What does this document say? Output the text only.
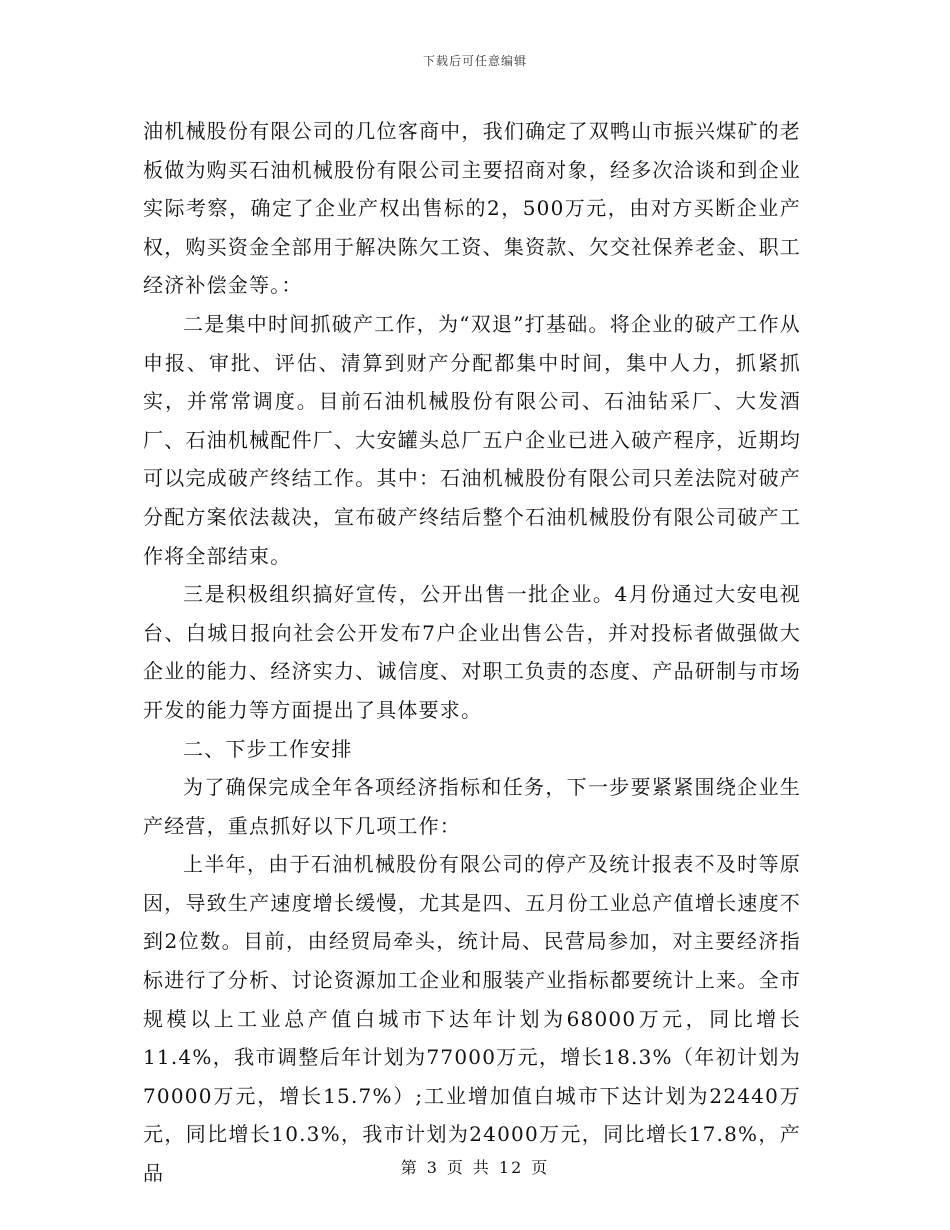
下载后可任意编辑

油机械股份有限公司的几位客商中，我们确定了双鸭山市振兴煤矿的老板做为购买石油机械股份有限公司主要招商对象，经多次洽谈和到企业实际考察，确定了企业产权出售标的2，500万元，由对方买断企业产权，购买资金全部用于解决陈欠工资、集资款、欠交社保养老金、职工经济补偿金等。：

二是集中时间抓破产工作，为“双退”打基础。将企业的破产工作从申报、审批、评估、清算到财产分配都集中时间，集中人力，抓紧抓实，并常常调度。目前石油机械股份有限公司、石油钻采厂、大发酒厂、石油机械配件厂、大安罐头总厂五户企业已进入破产程序，近期均可以完成破产终结工作。其中：石油机械股份有限公司只差法院对破产分配方案依法裁决，宣布破产终结后整个石油机械股份有限公司破产工作将全部结束。

三是积极组织搞好宣传，公开出售一批企业。4月份通过大安电视台、白城日报向社会公开发布7户企业出售公告，并对投标者做强做大企业的能力、经济实力、诚信度、对职工负责的态度、产品研制与市场开发的能力等方面提出了具体要求。

二、下步工作安排

为了确保完成全年各项经济指标和任务，下一步要紧紧围绕企业生产经营，重点抓好以下几项工作：

上半年，由于石油机械股份有限公司的停产及统计报表不及时等原因，导致生产速度增长缓慢，尤其是四、五月份工业总产值增长速度不到2位数。目前，由经贸局牵头，统计局、民营局参加，对主要经济指标进行了分析、讨论资源加工企业和服装产业指标都要统计上来。全市规模以上工业总产值白城市下达年计划为68000万元，同比增长11.4%，我市调整后年计划为77000万元，增长18.3%（年初计划为70000万元，增长15.7%）;工业增加值白城市下达计划为22440万元，同比增长10.3%，我市计划为24000万元，同比增长17.8%，产品	第 3 页 共 12 页
